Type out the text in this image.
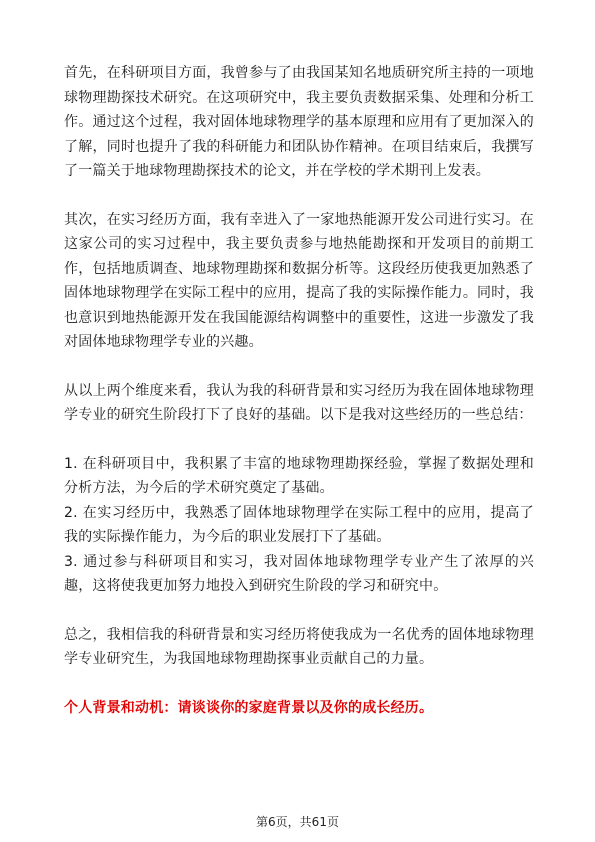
首先，在科研项目方面，我曾参与了由我国某知名地质研究所主持的一项地球物理勘探技术研究。在这项研究中，我主要负责数据采集、处理和分析工作。通过这个过程，我对固体地球物理学的基本原理和应用有了更加深入的了解，同时也提升了我的科研能力和团队协作精神。在项目结束后，我撰写了一篇关于地球物理勘探技术的论文，并在学校的学术期刊上发表。

其次，在实习经历方面，我有幸进入了一家地热能源开发公司进行实习。在这家公司的实习过程中，我主要负责参与地热能勘探和开发项目的前期工作，包括地质调查、地球物理勘探和数据分析等。这段经历使我更加熟悉了固体地球物理学在实际工程中的应用，提高了我的实际操作能力。同时，我也意识到地热能源开发在我国能源结构调整中的重要性，这进一步激发了我对固体地球物理学专业的兴趣。

从以上两个维度来看，我认为我的科研背景和实习经历为我在固体地球物理学专业的研究生阶段打下了良好的基础。以下是我对这些经历的一些总结：

1. 在科研项目中，我积累了丰富的地球物理勘探经验，掌握了数据处理和分析方法，为今后的学术研究奠定了基础。

2. 在实习经历中，我熟悉了固体地球物理学在实际工程中的应用，提高了我的实际操作能力，为今后的职业发展打下了基础。

3. 通过参与科研项目和实习，我对固体地球物理学专业产生了浓厚的兴趣，这将使我更加努力地投入到研究生阶段的学习和研究中。

总之，我相信我的科研背景和实习经历将使我成为一名优秀的固体地球物理学专业研究生，为我国地球物理勘探事业贡献自己的力量。

个人背景和动机：请谈谈你的家庭背景以及你的成长经历。

第6页，共61页
